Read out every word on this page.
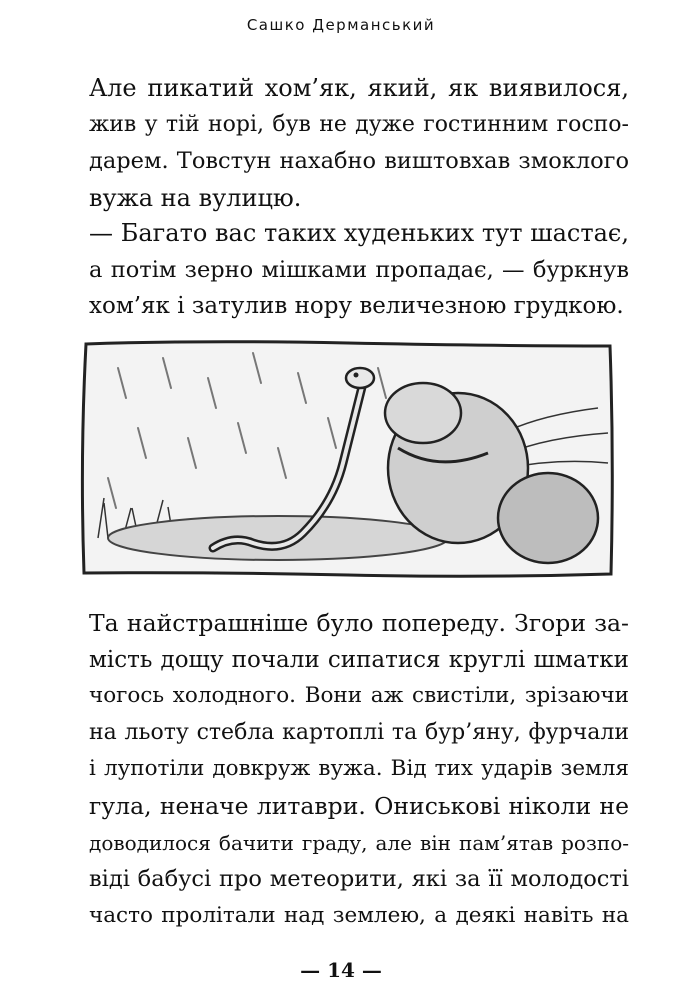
Сашко Дерманський
Але пикатий хом’як, який, як виявилося,
жив у тій норі, був не дуже гостинним госпо-
дарем. Товстун нахабно виштовхав змоклого
вужа на вулицю.
— Багато вас таких худеньких тут шастає,
а потім зерно мішками пропадає, — буркнув
хом’як і затулив нору величезною грудкою.
Та найстрашніше було попереду. Згори за-
мість дощу почали сипатися круглі шматки
чогось холодного. Вони аж свистіли, зрізаючи
на льоту стебла картоплі та бур’яну, фурчали
і лупотіли довкруж вужа. Від тих ударів земля
гула, неначе литаври. Ониськові ніколи не
доводилося бачити граду, але він пам’ятав розпо-
віді бабусі про метеорити, які за її молодості
часто пролітали над землею, а деякі навіть на
— 14 —
